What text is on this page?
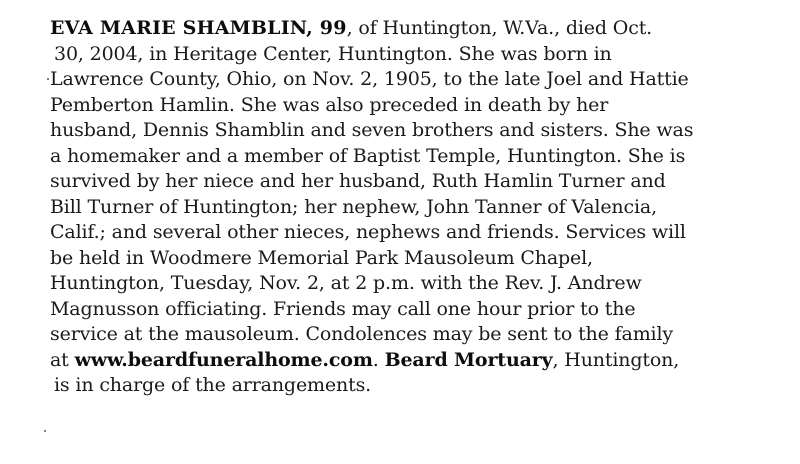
EVA MARIE SHAMBLIN, 99, of Huntington, W.Va., died Oct.
30, 2004, in Heritage Center, Huntington. She was born in
Lawrence County, Ohio, on Nov. 2, 1905, to the late Joel and Hattie
Pemberton Hamlin. She was also preceded in death by her
husband, Dennis Shamblin and seven brothers and sisters. She was
a homemaker and a member of Baptist Temple, Huntington. She is
survived by her niece and her husband, Ruth Hamlin Turner and
Bill Turner of Huntington; her nephew, John Tanner of Valencia,
Calif.; and several other nieces, nephews and friends. Services will
be held in Woodmere Memorial Park Mausoleum Chapel,
Huntington, Tuesday, Nov. 2, at 2 p.m. with the Rev. J. Andrew
Magnusson officiating. Friends may call one hour prior to the
service at the mausoleum. Condolences may be sent to the family
at www.beardfuneralhome.com. Beard Mortuary, Huntington,
is in charge of the arrangements.
